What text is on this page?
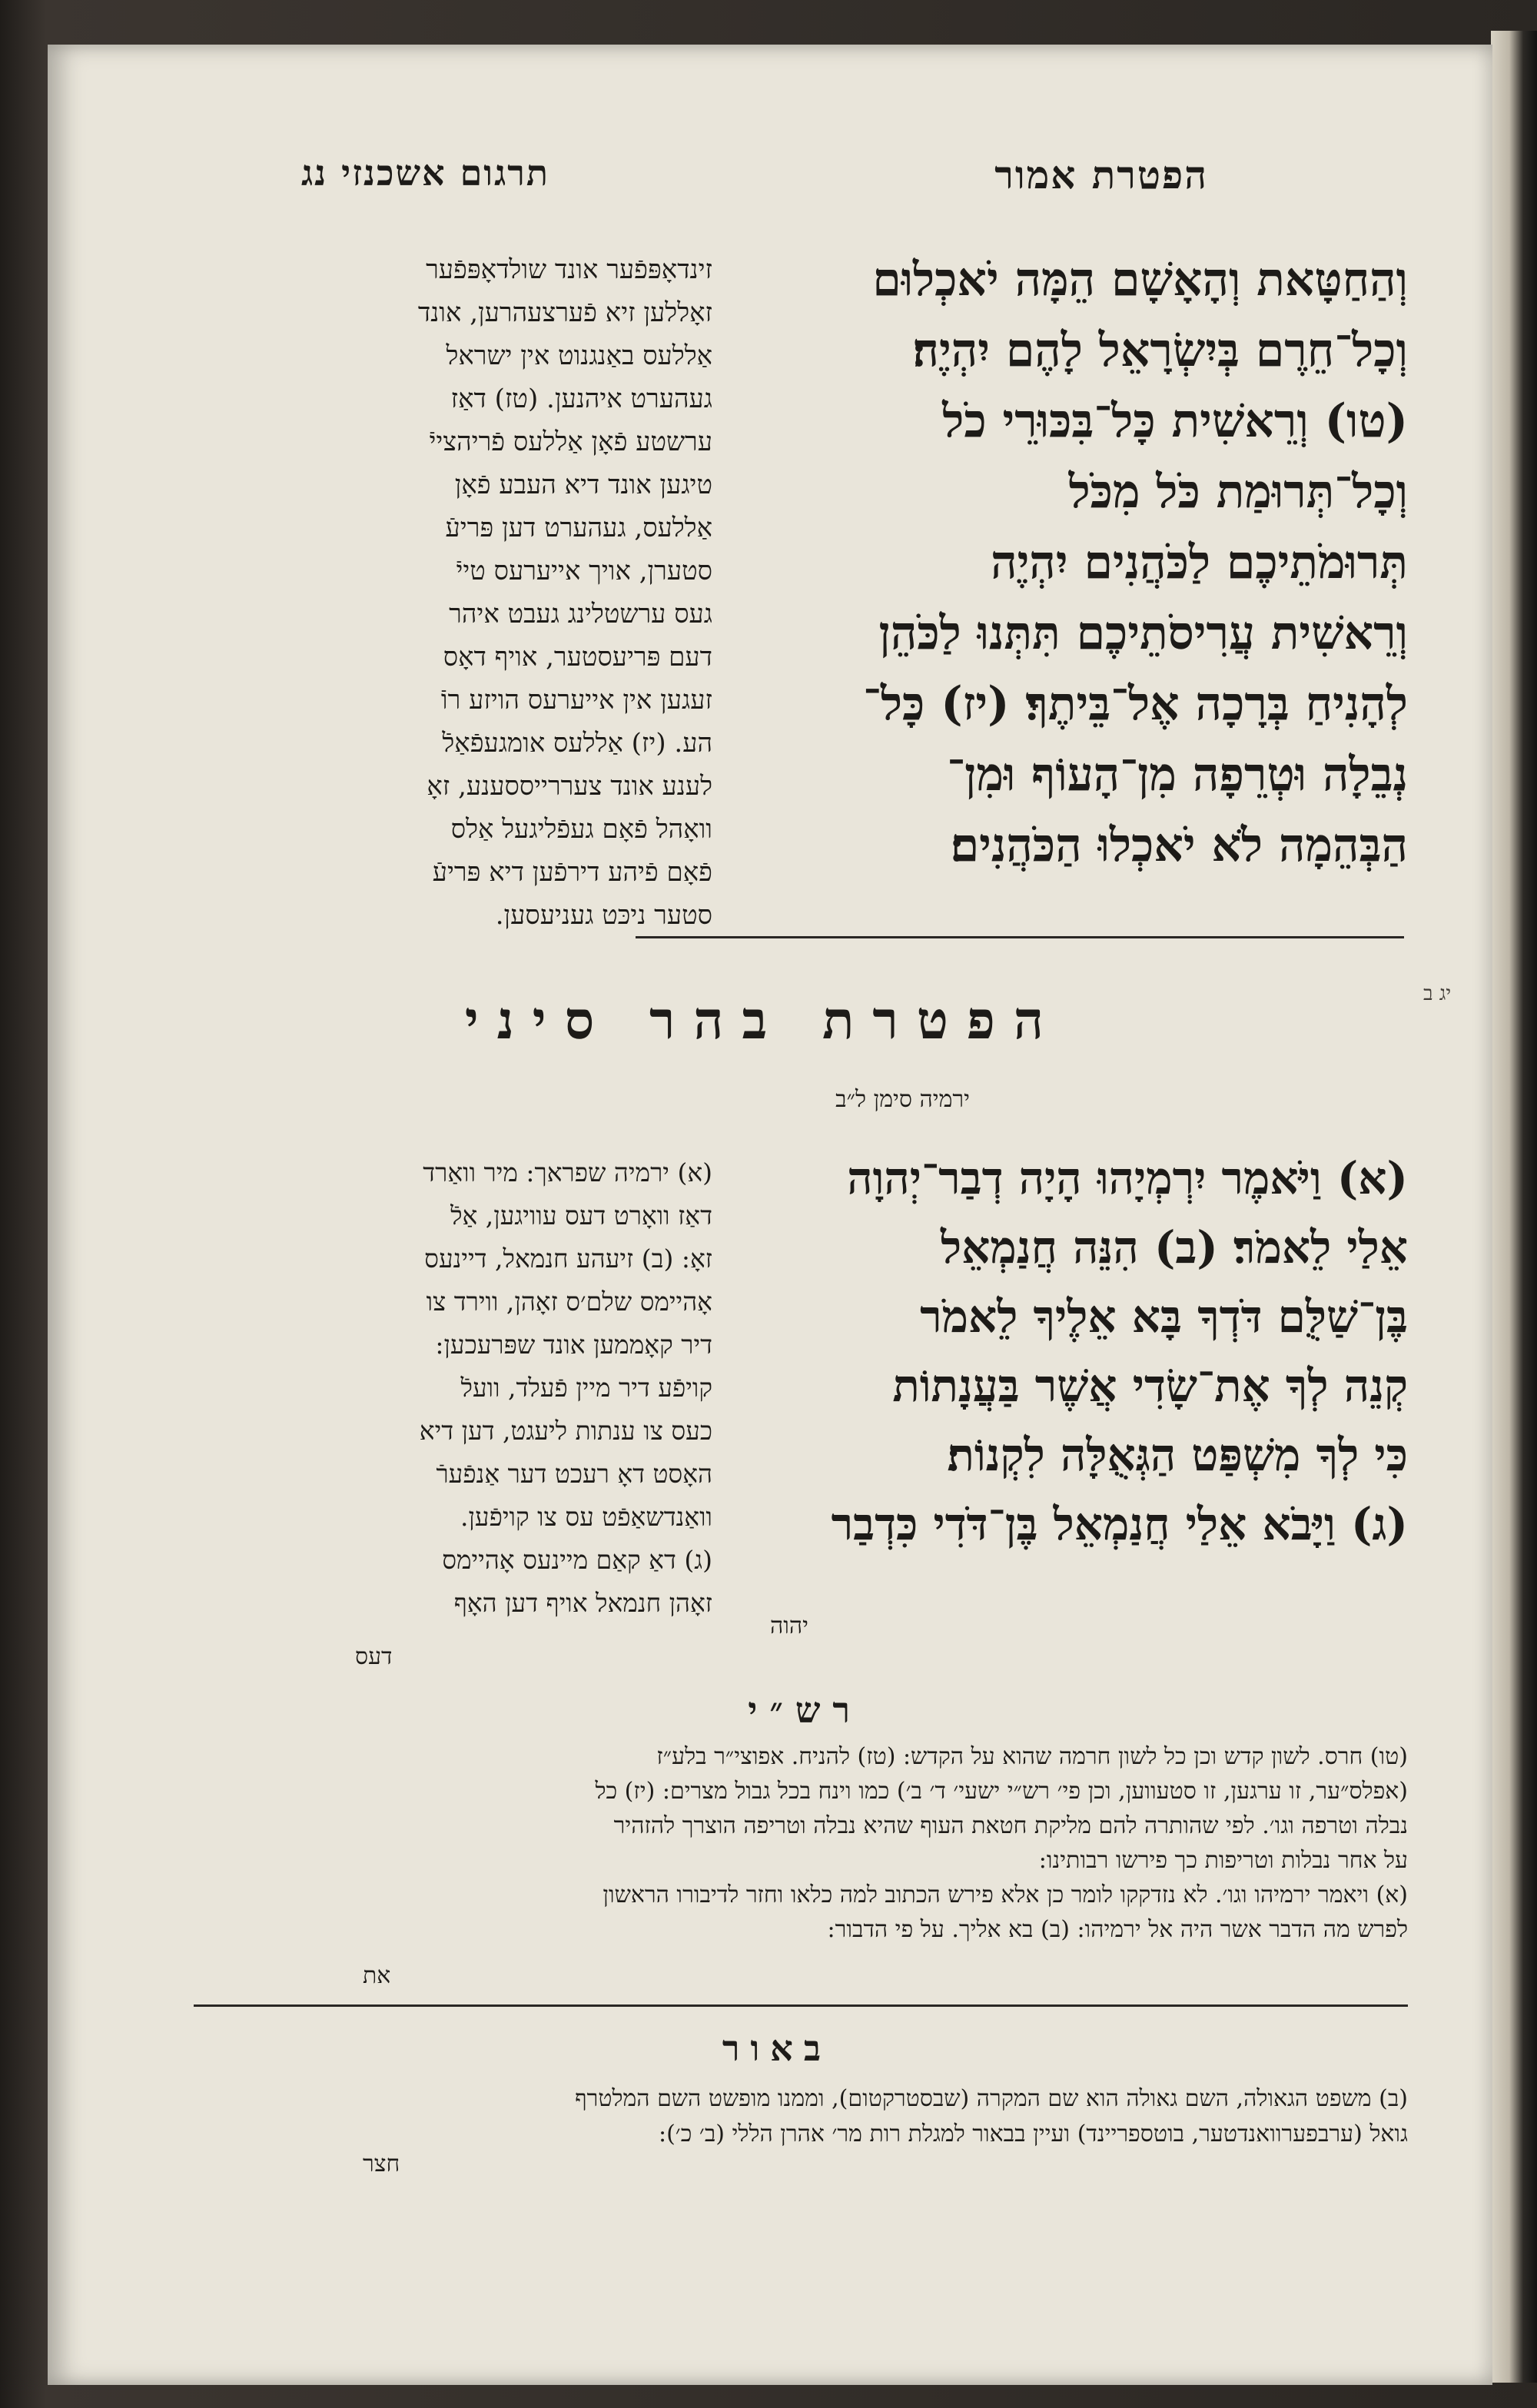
הפטרת אמור
תרגום אשכנזי נג

וְהַחַטָּאת וְהָאָשָׁם הֵמָּה יֹאכְלוּם

וְכָל־חֵרֶם בְּיִשְׂרָאֵל לָהֶם יִהְיֶה׃

(טו) וְרֵאשִׁית כָּל־בִּכּוּרֵי כֹל

וְכָל־תְּרוּמַת כֹּל מִכֹּל

תְּרוּמֹתֵיכֶם לַכֹּהֲנִים יִהְיֶה

וְרֵאשִׁית עֲרִיסֹתֵיכֶם תִּתְּנוּ לַכֹּהֵן

לְהָנִיחַ בְּרָכָה אֶל־בֵּיתֶךָ׃ (יז) כָּל־

נְבֵלָה וּטְרֵפָה מִן־הָעוֹף וּמִן־

הַבְּהֵמָה לֹא יֹאכְלוּ הַכֹּהֲנִים׃

זינדאָפּפֿער אונד שולדאָפּפֿער

זאָללען זיא פֿערצעהרען, אונד

אַללעס באַנגנוט אין ישראל

געהערט איהנען. (טז) דאַז

ערשטע פֿאָן אַללעס פֿריהצייֿ

טיגען אונד דיא העבע פֿאָן

אַללעס, געהערט דען פּריעֿ

סטערן, אויך אייערעס טייֿ

געס ערשטלינג געבט איהר

דעם פּריעסטער, אויף דאָס

זעגען אין אייערעס הויזע רוֿ

הע. (יז) אַללעס אומגעפֿאַלֿ

לענע אונד צעררייססענע, זאָ

וואָהל פֿאָם געפֿליגעל אַלס

פֿאָם פֿיהע דירפֿען דיא פּריעֿ

סטער ניכּט געניעסען.

הפטרת בהר סיני
ירמיה סימן ל״ב
יג ב

(א) וַיֹּאמֶר יִרְמְיָהוּ הָיָה דְבַר־יְהוָה

אֵלַי לֵאמֹר׃ (ב) הִנֵּה חֲנַמְאֵל

בֶּן־שַׁלֻּם דֹּדְךָ בָּא אֵלֶיךָ לֵאמֹר

קְנֵה לְךָ אֶת־שָׂדִי אֲשֶׁר בַּעֲנָתוֹת

כִּי לְךָ מִשְׁפַּט הַגְּאֻלָּה לִקְנוֹת׃

(ג) וַיָּבֹא אֵלַי חֲנַמְאֵל בֶּן־דֹּדִי כִּדְבַר

יהוה

(א) ירמיה שפראך: מיר וואַרד

דאַז וואָרט דעס עוויגען, אַלֿ

זאָ: (ב) זיעהע חנמאל, דיינעס

אָהיימס שלם׳ס זאָהן, ווירד צו

דיר קאָממען אונד שפּרעכען:

קויפֿע דיר מיין פֿעלד, וועלֿ

כעס צו ענתות ליעגט, דען דיא

האָסט דאָ רעכט דער אַנפֿערֿ

וואַנדשאַפֿט עס צו קויפֿען.

(ג) דאַ קאַם מיינעס אָהיימס

זאָהן חנמאל אויף דען האָף

דעס
רש״י

(טו) חרס. לשון קדש וכן כל לשון חרמה שהוא על הקדש: (טז) להניח. אפוצי״ר בלע״ז

(אפלס״ער, זו ערגען, זו סטעווען, וכן פי׳ רש״י ישעי׳ ד׳ ב׳) כמו וינח בכל גבול מצרים: (יז) כל

נבלה וטרפה וגו׳. לפי שהותרה להם מליקת חטאת העוף שהיא נבלה וטריפה הוצרך להזהיר

על אחר נבלות וטריפות כך פירשו רבותינו:

(א) ויאמר ירמיהו וגו׳. לא נזדקקו לומר כן אלא פירש הכתוב למה כלאו וחזר לדיבורו הראשון

לפרש מה הדבר אשר היה אל ירמיהו: (ב) בא אליך. על פי הדבור:

את
באור

(ב) משפט הגאולה, השם גאולה הוא שם המקרה (שבסטרקטום), וממנו מופשט השם המלטרף

גואל (ערבפערוואנדטער, בוטספריינד) ועיין בבאור למגלת רות מר׳ אהרן הללי (ב׳ כ׳):

חצר
